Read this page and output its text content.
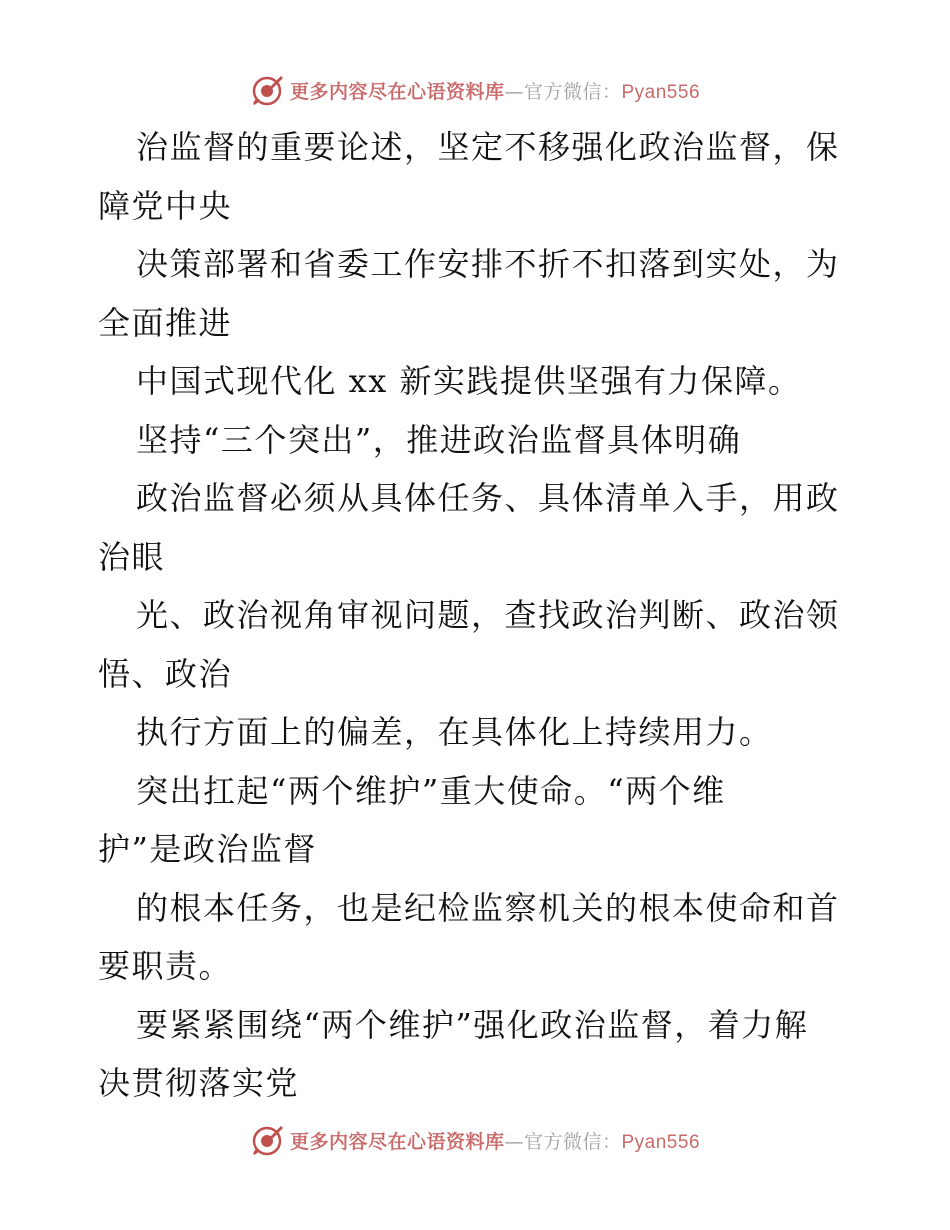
更多内容尽在心语资料库—官方微信：Pyan556
治监督的重要论述，坚定不移强化政治监督，保
障党中央
决策部署和省委工作安排不折不扣落到实处，为
全面推进
中国式现代化 xx 新实践提供坚强有力保障。
坚持“三个突出”，推进政治监督具体明确
政治监督必须从具体任务、具体清单入手，用政
治眼
光、政治视角审视问题，查找政治判断、政治领
悟、政治
执行方面上的偏差，在具体化上持续用力。
突出扛起“两个维护”重大使命。“两个维
护”是政治监督
的根本任务，也是纪检监察机关的根本使命和首
要职责。
要紧紧围绕“两个维护”强化政治监督，着力解
决贯彻落实党
更多内容尽在心语资料库—官方微信：Pyan556
